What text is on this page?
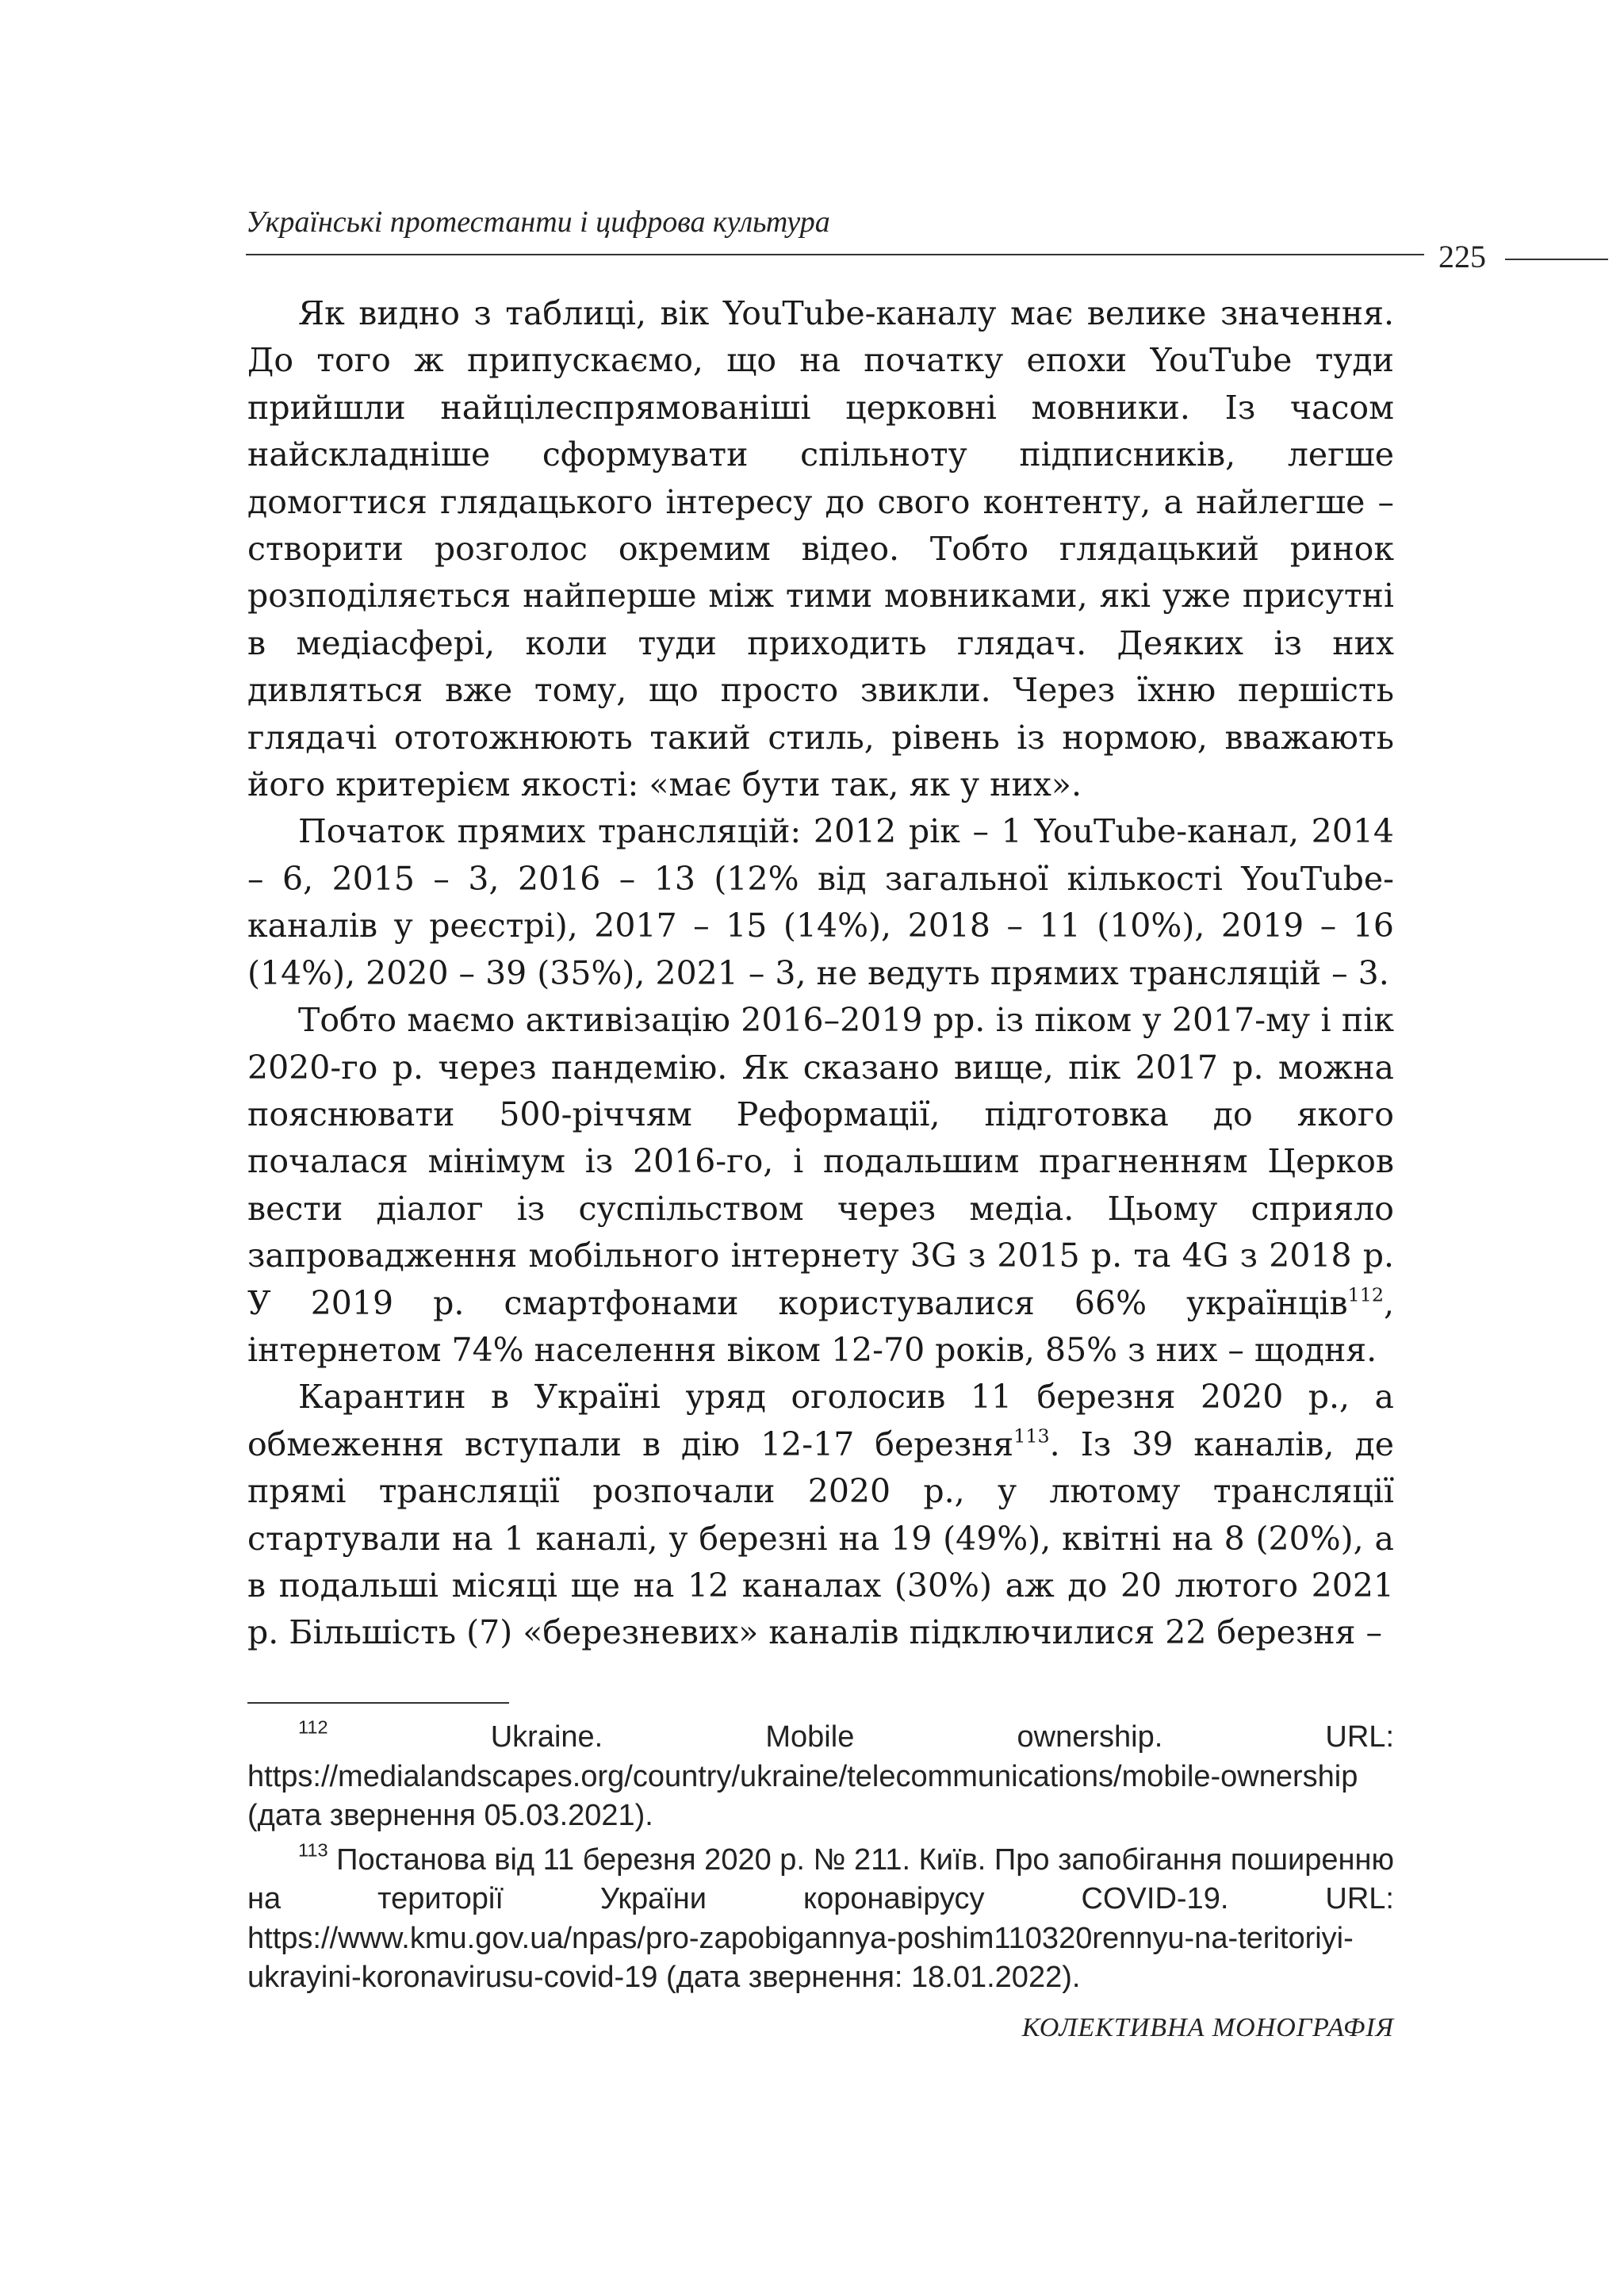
Українські протестанти і цифрова культура
225

Як видно з таблиці, вік YouTube-каналу має велике значення. До того ж припускаємо, що на початку епохи YouTube туди прийшли найцілеспрямованіші церковні мовники. Із часом найскладніше сформувати спільноту підписників, легше домогтися глядацького інтересу до свого контенту, а найлегше – створити розголос окремим відео. Тобто глядацький ринок розподіляється найперше між тими мовниками, які уже присутні в медіасфері, коли туди приходить глядач. Деяких із них дивляться вже тому, що просто звикли. Через їхню першість глядачі ототожнюють такий стиль, рівень із нормою, вважають його критерієм якості: «має бути так, як у них».

Початок прямих трансляцій: 2012 рік – 1 YouTube-канал, 2014 – 6, 2015 – 3, 2016 – 13 (12% від загальної кількості YouTube-каналів у реєстрі), 2017 – 15 (14%), 2018 – 11 (10%), 2019 – 16 (14%), 2020 – 39 (35%), 2021 – 3, не ведуть прямих трансляцій – 3.

Тобто маємо активізацію 2016–2019 рр. із піком у 2017-му і пік 2020-го р. через пандемію. Як сказано вище, пік 2017 р. можна пояснювати 500-річчям Реформації, підготовка до якого почалася мінімум із 2016-го, і подальшим прагненням Церков вести діалог із суспільством через медіа. Цьому сприяло запровадження мобільного інтернету 3G з 2015 р. та 4G з 2018 р. У 2019 р. смартфонами користувалися 66% українців$^{112}$, інтернетом 74% населення віком 12-70 років, 85% з них – щодня.

Карантин в Україні уряд оголосив 11 березня 2020 р., а обмеження вступали в дію 12-17 березня$^{113}$. Із 39 каналів, де прямі трансляції розпочали 2020 р., у лютому трансляції стартували на 1 каналі, у березні на 19 (49%), квітні на 8 (20%), а в подальші місяці ще на 12 каналах (30%) аж до 20 лютого 2021 р. Більшість (7) «березневих» каналів підключилися 22 березня –

$^{112}$	Ukraine. Mobile ownership. URL: https://medialandscapes.org/country/ukraine/telecommunications/mobile-ownership (дата звернення 05.03.2021).

$^{113}$ Постанова від 11 березня 2020 р. № 211. Київ. Про запобігання поширенню на території України коронавірусу COVID-19. URL: https://www.kmu.gov.ua/npas/pro-zapobigannya-poshim110320rennyu-na-teritoriyi-ukrayini-koronavirusu-covid-19 (дата звернення: 18.01.2022).

КОЛЕКТИВНА МОНОГРАФІЯ
